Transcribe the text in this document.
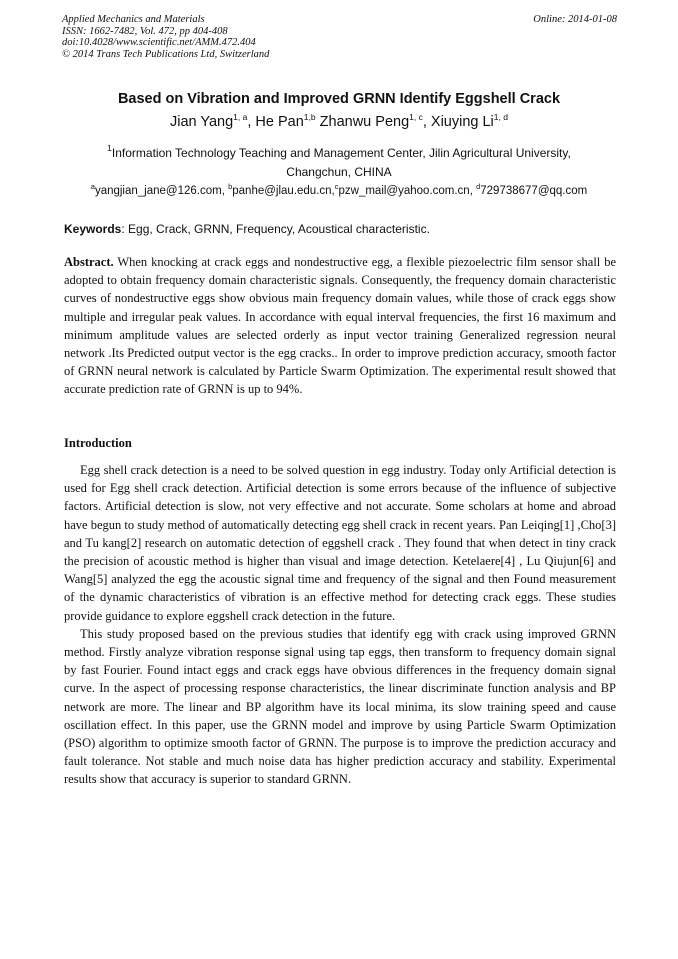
Applied Mechanics and Materials
ISSN: 1662-7482, Vol. 472, pp 404-408
doi:10.4028/www.scientific.net/AMM.472.404
© 2014 Trans Tech Publications Ltd, Switzerland
Online: 2014-01-08
Based on Vibration and Improved GRNN Identify Eggshell Crack
Jian Yang$^{1, a}$, He Pan$^{1,b}$ Zhanwu Peng$^{1, c}$, Xiuying Li$^{1, d}$
$^1$Information Technology Teaching and Management Center, Jilin Agricultural University,
Changchun, CHINA
$^a$yangjian_jane@126.com, $^b$panhe@jlau.edu.cn,$^c$pzw_mail@yahoo.com.cn, $^d$729738677@qq.com
Keywords: Egg, Crack, GRNN, Frequency, Acoustical characteristic.

Abstract. When knocking at crack eggs and nondestructive egg, a flexible piezoelectric film sensor shall be adopted to obtain frequency domain characteristic signals. Consequently, the frequency domain characteristic curves of nondestructive eggs show obvious main frequency domain values, while those of crack eggs show multiple and irregular peak values. In accordance with equal interval frequencies, the first 16 maximum and minimum amplitude values are selected orderly as input vector training Generalized regression neural network .Its Predicted output vector is the egg cracks.. In order to improve prediction accuracy, smooth factor of GRNN neural network is calculated by Particle Swarm Optimization. The experimental result showed that accurate prediction rate of GRNN is up to 94%.

Introduction

Egg shell crack detection is a need to be solved question in egg industry. Today only Artificial detection is used for Egg shell crack detection. Artificial detection is some errors because of the influence of subjective factors. Artificial detection is slow, not very effective and not accurate. Some scholars at home and abroad have begun to study method of automatically detecting egg shell crack in recent years. Pan Leiqing[1] ,Cho[3] and Tu kang[2] research on automatic detection of eggshell crack . They found that when detect in tiny crack the precision of acoustic method is higher than visual and image detection. Ketelaere[4] , Lu Qiujun[6] and Wang[5] analyzed the egg the acoustic signal time and frequency of the signal and then Found measurement of the dynamic characteristics of vibration is an effective method for detecting crack eggs. These studies provide guidance to explore eggshell crack detection in the future.

This study proposed based on the previous studies that identify egg with crack using improved GRNN method. Firstly analyze vibration response signal using tap eggs, then transform to frequency domain signal by fast Fourier. Found intact eggs and crack eggs have obvious differences in the frequency domain signal curve. In the aspect of processing response characteristics, the linear discriminate function analysis and BP network are more. The linear and BP algorithm have its local minima, its slow training speed and cause oscillation effect. In this paper, use the GRNN model and improve by using Particle Swarm Optimization (PSO) algorithm to optimize smooth factor of GRNN. The purpose is to improve the prediction accuracy and fault tolerance. Not stable and much noise data has higher prediction accuracy and stability. Experimental results show that accuracy is superior to standard GRNN.
